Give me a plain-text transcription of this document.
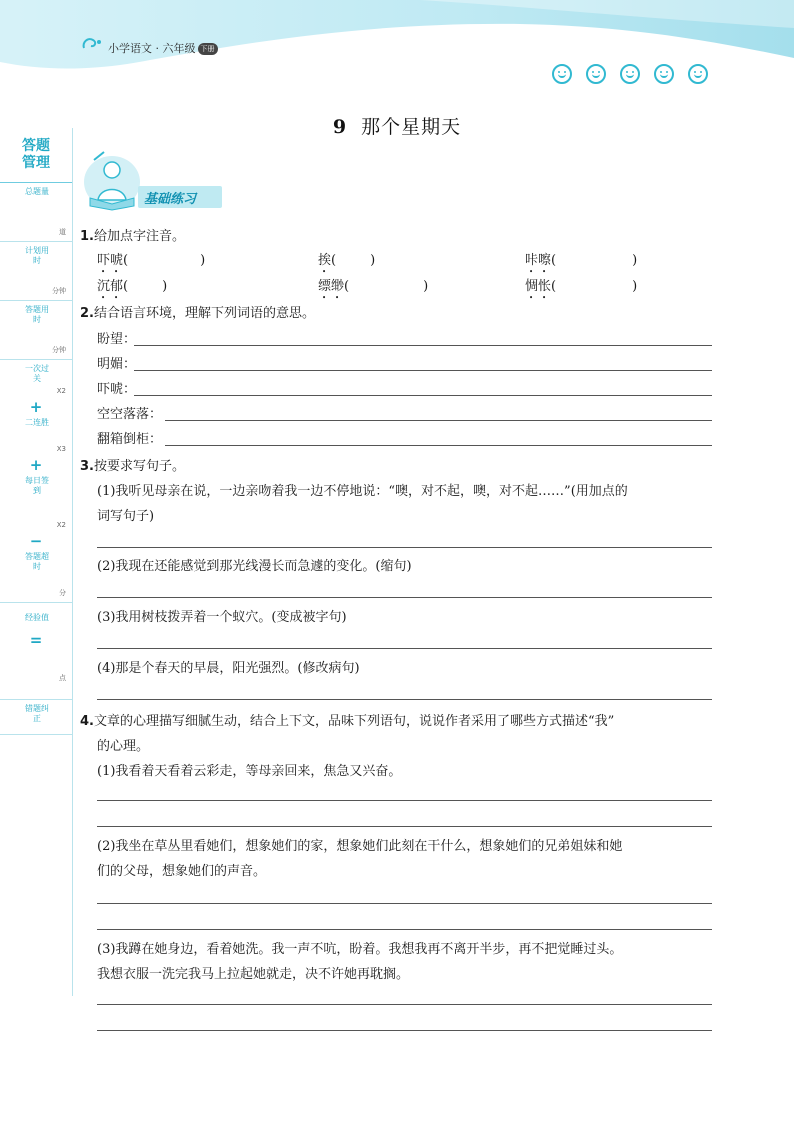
小学语文 · 六年级 下册
答题
管理
总题量
道
计划用时
分钟
答题用时
分钟
一次过关
X2
+
二连胜
X3
+
每日签到
X2
−
答题超时
分
经验值
=
点
错题纠正
9 那个星期天
基础练习
1.给加点字注音。
吓唬(	)	挨(	)	咔嚓(	)
沉郁(	)	缥缈(	)	惆怅(	)
2.结合语言环境，理解下列词语的意思。
盼望：
明媚：
吓唬：
空空落落：
翻箱倒柜：
3.按要求写句子。
(1)我听见母亲在说，一边亲吻着我一边不停地说：“噢，对不起，噢，对不起……”(用加点的
词写句子)
(2)我现在还能感觉到那光线漫长而急遽的变化。(缩句)
(3)我用树枝拨弄着一个蚁穴。(变成被字句)
(4)那是个春天的早晨，阳光强烈。(修改病句)
4.文章的心理描写细腻生动，结合上下文，品味下列语句，说说作者采用了哪些方式描述“我”
的心理。
(1)我看着天看着云彩走，等母亲回来，焦急又兴奋。
(2)我坐在草丛里看她们，想象她们的家，想象她们此刻在干什么，想象她们的兄弟姐妹和她
们的父母，想象她们的声音。
(3)我蹲在她身边，看着她洗。我一声不吭，盼着。我想我再不离开半步，再不把觉睡过头。
我想衣服一洗完我马上拉起她就走，决不许她再耽搁。
